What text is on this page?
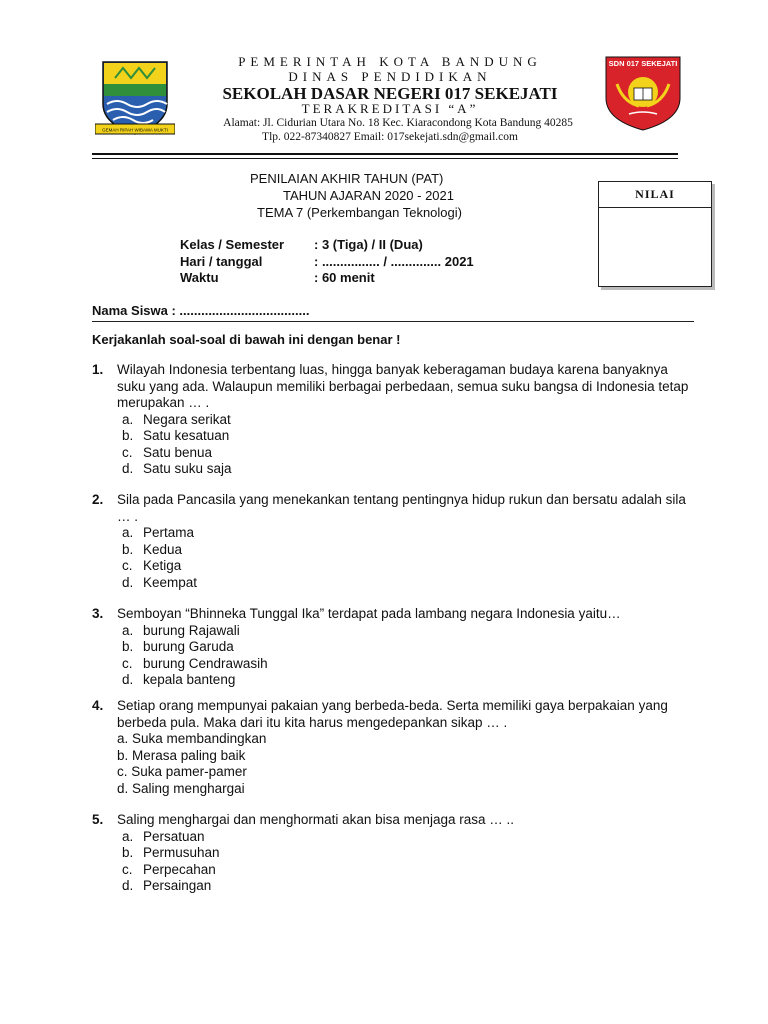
GEMAH RIPAH WIBAWA MUKTI
SDN 017 SEKEJATI
PEMERINTAH KOTA BANDUNG
DINAS PENDIDIKAN
SEKOLAH DASAR NEGERI 017 SEKEJATI
TERAKREDITASI “A”
Alamat: Jl. Cidurian Utara No. 18 Kec. Kiaracondong Kota Bandung 40285
Tlp. 022-87340827 Email: 017sekejati.sdn@gmail.com
PENILAIAN AKHIR TAHUN (PAT)
TAHUN AJARAN 2020 - 2021
TEMA 7 (Perkembangan Teknologi)
NILAI
Kelas / Semester : 3 (Tiga) / II (Dua)
Hari / tanggal	: ................ / .............. 2021
Waktu	: 60 menit
Nama Siswa : ....................................
Kerjakanlah soal-soal di bawah ini dengan benar !
1. Wilayah Indonesia terbentang luas, hingga banyak keberagaman budaya karena banyaknya suku yang ada. Walaupun memiliki berbagai perbedaan, semua suku bangsa di Indonesia tetap merupakan … .
a. Negara serikat
b. Satu kesatuan
c. Satu benua
d. Satu suku saja
2. Sila pada Pancasila yang menekankan tentang pentingnya hidup rukun dan bersatu adalah sila … .
a. Pertama
b. Kedua
c. Ketiga
d. Keempat
3. Semboyan “Bhinneka Tunggal Ika” terdapat pada lambang negara Indonesia yaitu…
a. burung Rajawali
b. burung Garuda
c. burung Cendrawasih
d. kepala banteng
4. Setiap orang mempunyai pakaian yang berbeda-beda. Serta memiliki gaya berpakaian yang berbeda pula. Maka dari itu kita harus mengedepankan sikap … .
a. Suka membandingkan
b. Merasa paling baik
c. Suka pamer-pamer
d. Saling menghargai
5. Saling menghargai dan menghormati akan bisa menjaga rasa … ..
a. Persatuan
b. Permusuhan
c. Perpecahan
d. Persaingan
